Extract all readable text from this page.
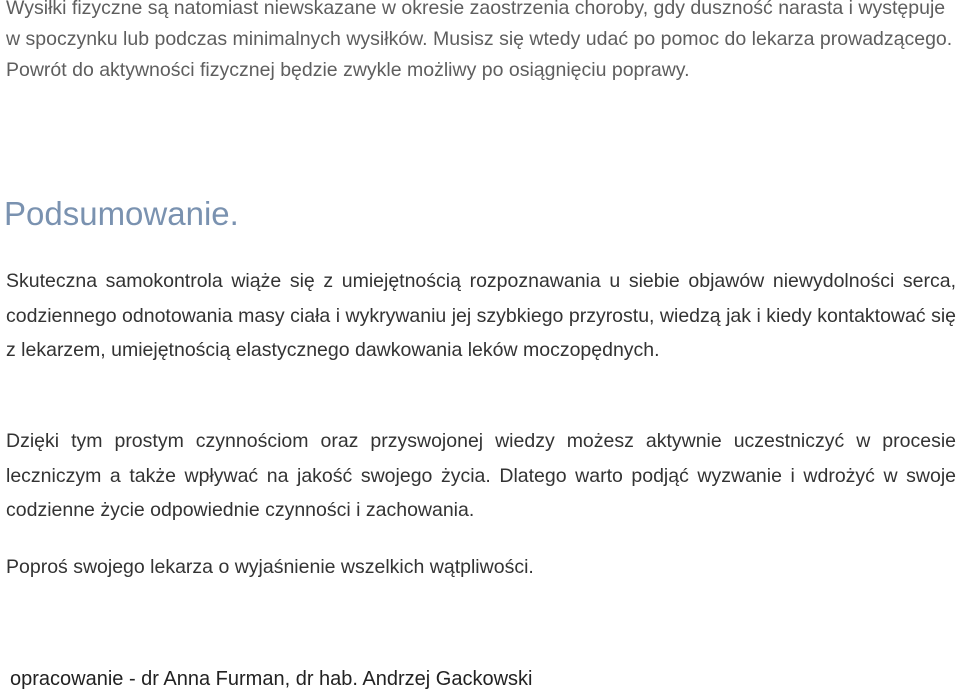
Wysiłki fizyczne są natomiast niewskazane w okresie zaostrzenia choroby, gdy duszność narasta i występuje w spoczynku lub podczas minimalnych wysiłków. Musisz się wtedy udać po pomoc do lekarza prowadzącego. Powrót do aktywności fizycznej będzie zwykle możliwy po osiągnięciu poprawy.

Podsumowanie.

Skuteczna samokontrola wiąże się z umiejętnością rozpoznawania u siebie objawów niewydolności serca, codziennego odnotowania masy ciała i wykrywaniu jej szybkiego przyrostu, wiedzą jak i kiedy kontaktować się z lekarzem, umiejętnością elastycznego dawkowania leków moczopędnych.

Dzięki tym prostym czynnościom oraz przyswojonej wiedzy możesz aktywnie uczestniczyć w procesie leczniczym a także wpływać na jakość swojego życia. Dlatego warto podjąć wyzwanie i wdrożyć w swoje codzienne życie odpowiednie czynności i zachowania.

Poproś swojego lekarza o wyjaśnienie wszelkich wątpliwości.

opracowanie - dr Anna Furman, dr hab. Andrzej Gackowski
